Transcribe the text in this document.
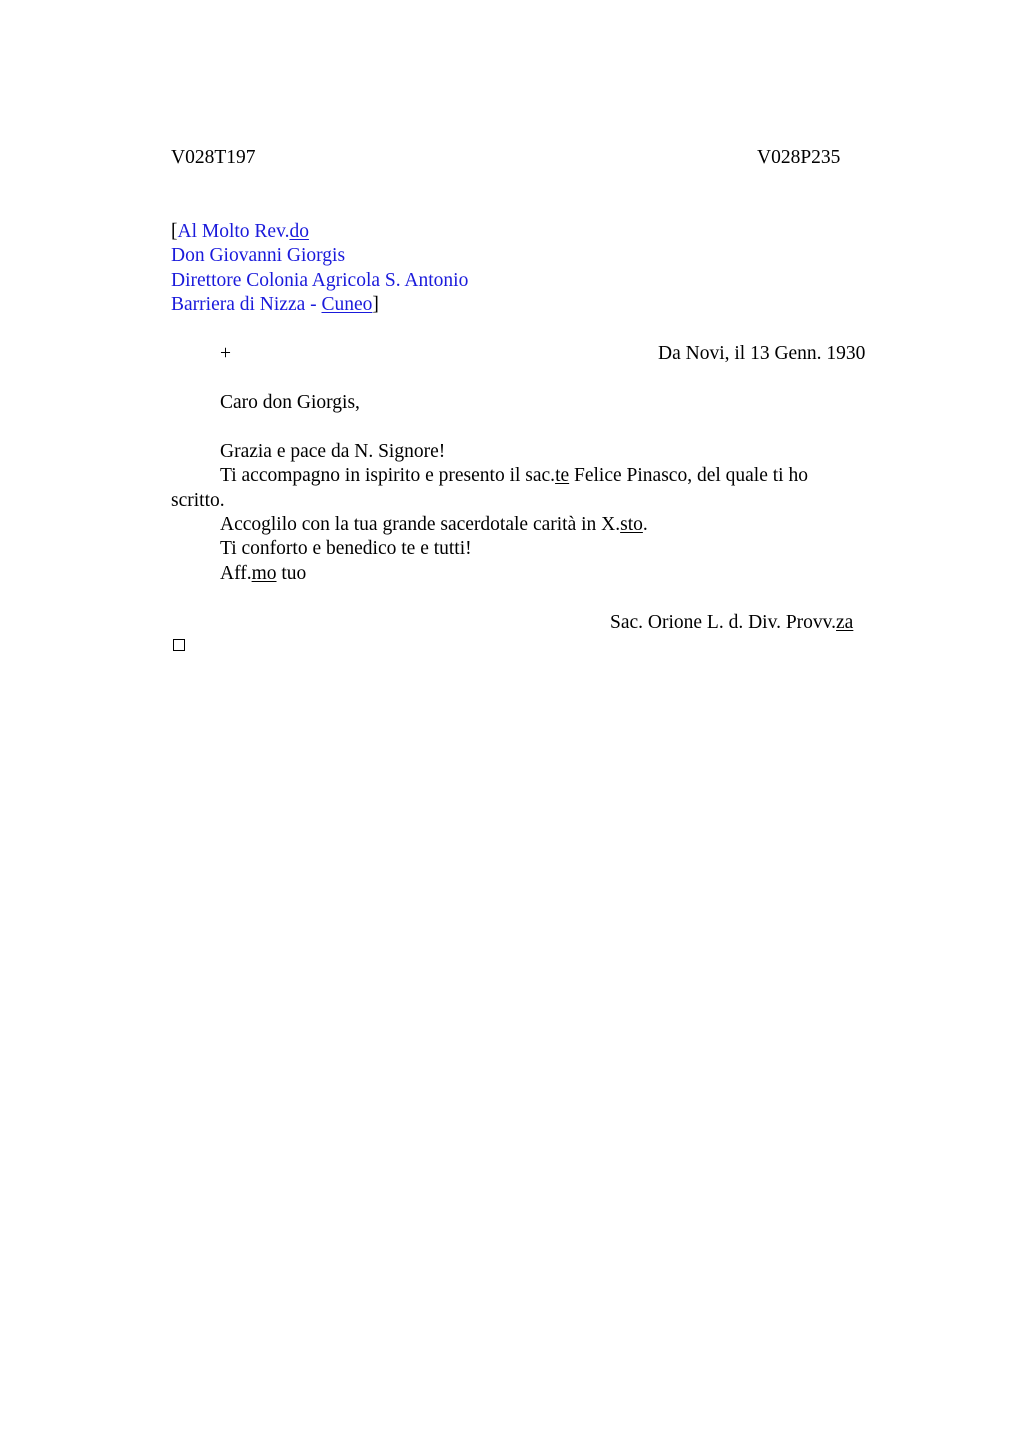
V028T197	V028P235
[Al Molto Rev.do
Don Giovanni Giorgis
Direttore Colonia Agricola S. Antonio
Barriera di Nizza - Cuneo]
+	Da Novi, il 13 Genn. 1930
Caro don Giorgis,
Grazia e pace da N. Signore!
Ti accompagno in ispirito e presento il sac.te Felice Pinasco, del quale ti ho
scritto.
Accoglilo con la tua grande sacerdotale carità in X.sto.
Ti conforto e benedico te e tutti!
Aff.mo tuo
Sac. Orione L. d. Div. Provv.za
